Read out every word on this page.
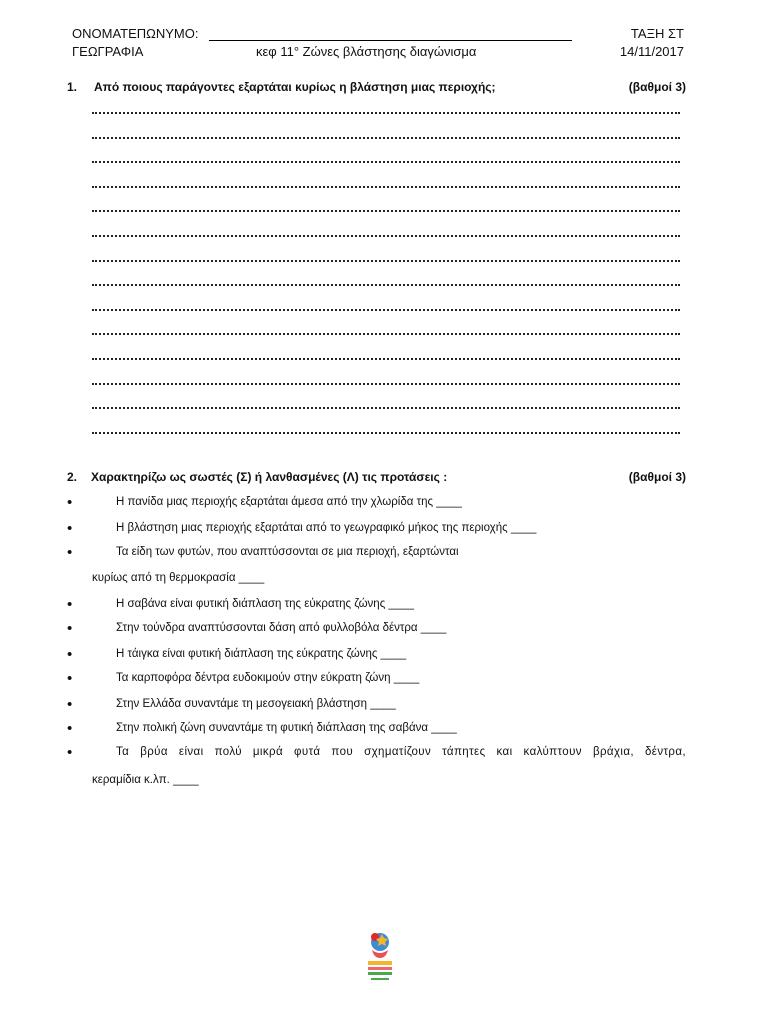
ΟΝΟΜΑΤΕΠΩΝΥΜΟ:	ΤΑΞΗ ΣΤ
ΓΕΩΓΡΑΦΙΑ	κεφ 11° Ζώνες βλάστησης διαγώνισμα	14/11/2017
1. Από ποιους παράγοντες εξαρτάται κυρίως η βλάστηση μιας περιοχής;	(βαθμοί 3)
2. Χαρακτηρίζω ως σωστές (Σ) ή λανθασμένες (Λ) τις προτάσεις :	(βαθμοί 3)
•	Η πανίδα μιας περιοχής εξαρτάται άμεσα από την χλωρίδα της ____
•	Η βλάστηση μιας περιοχής εξαρτάται από το γεωγραφικό μήκος της περιοχής ____
•	Τα είδη των φυτών, που αναπτύσσονται σε μια περιοχή, εξαρτώνται
κυρίως από τη θερμοκρασία ____
•	Η σαβάνα είναι φυτική διάπλαση της εύκρατης ζώνης ____
•	Στην τούνδρα αναπτύσσονται δάση από φυλλοβόλα δέντρα ____
•	Η τάιγκα είναι φυτική διάπλαση της εύκρατης ζώνης ____
•	Τα καρποφόρα δέντρα ευδοκιμούν στην εύκρατη ζώνη ____
•	Στην Ελλάδα συναντάμε τη μεσογειακή βλάστηση ____
•	Στην πολική ζώνη συναντάμε τη φυτική διάπλαση της σαβάνα ____
•	Τα βρύα είναι πολύ μικρά φυτά που σχηματίζουν τάπητες και καλύπτουν βράχια, δέντρα,
κεραμίδια κ.λπ. ____
